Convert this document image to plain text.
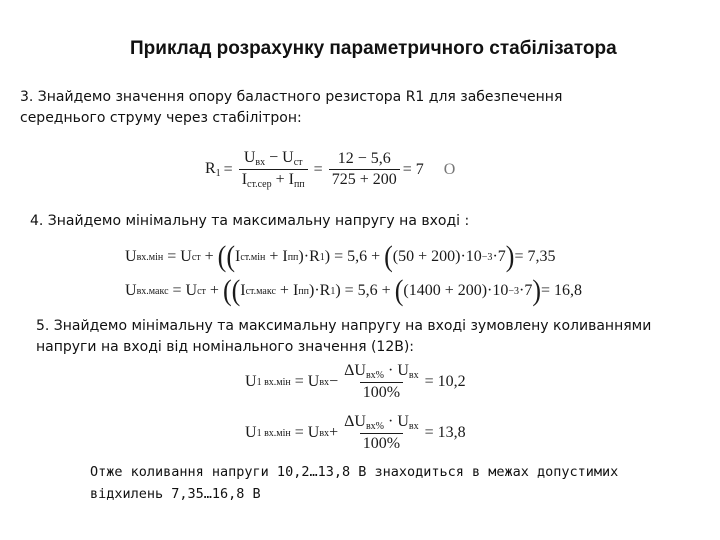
Приклад розрахунку параметричного стабілізатора
3. Знайдемо значення опору баластного резистора R1 для забезпечення
середнього струму через стабілітрон:
$R_1 = \frac{U_{вх} - U_{ст}}{I_{ст.сер} + I_{пп}} = \frac{12 - 5,6}{725 + 200} = 7$ О
4. Знайдемо мінімальну та максимальну напругу на вході :
U вх.мін = U ст + (( I ст.мін + I пп )·R 1 ) = 5,6 + ( (50 + 200)·10 −3 ·7 ) = 7,35
U вх.макс = U ст + (( I ст.макс + I пп )·R 1 ) = 5,6 + ( (1400 + 200)·10 −3 ·7 ) = 16,8
5. Знайдемо мінімальну та максимальну напругу на вході зумовлену коливаннями
напруги на вході від номінального значення (12В):
U 1 вх.мін = U вх − $\frac{\Delta U_{вх\%} \cdot U_{вх}}{100\%} = 10,2$
U 1 вх.мін = U вх + $\frac{\Delta U_{вх\%} \cdot U_{вх}}{100\%} = 13,8$
Отже коливання напруги 10,2…13,8 В знаходиться в межах допустимих
відхилень 7,35…16,8 В
